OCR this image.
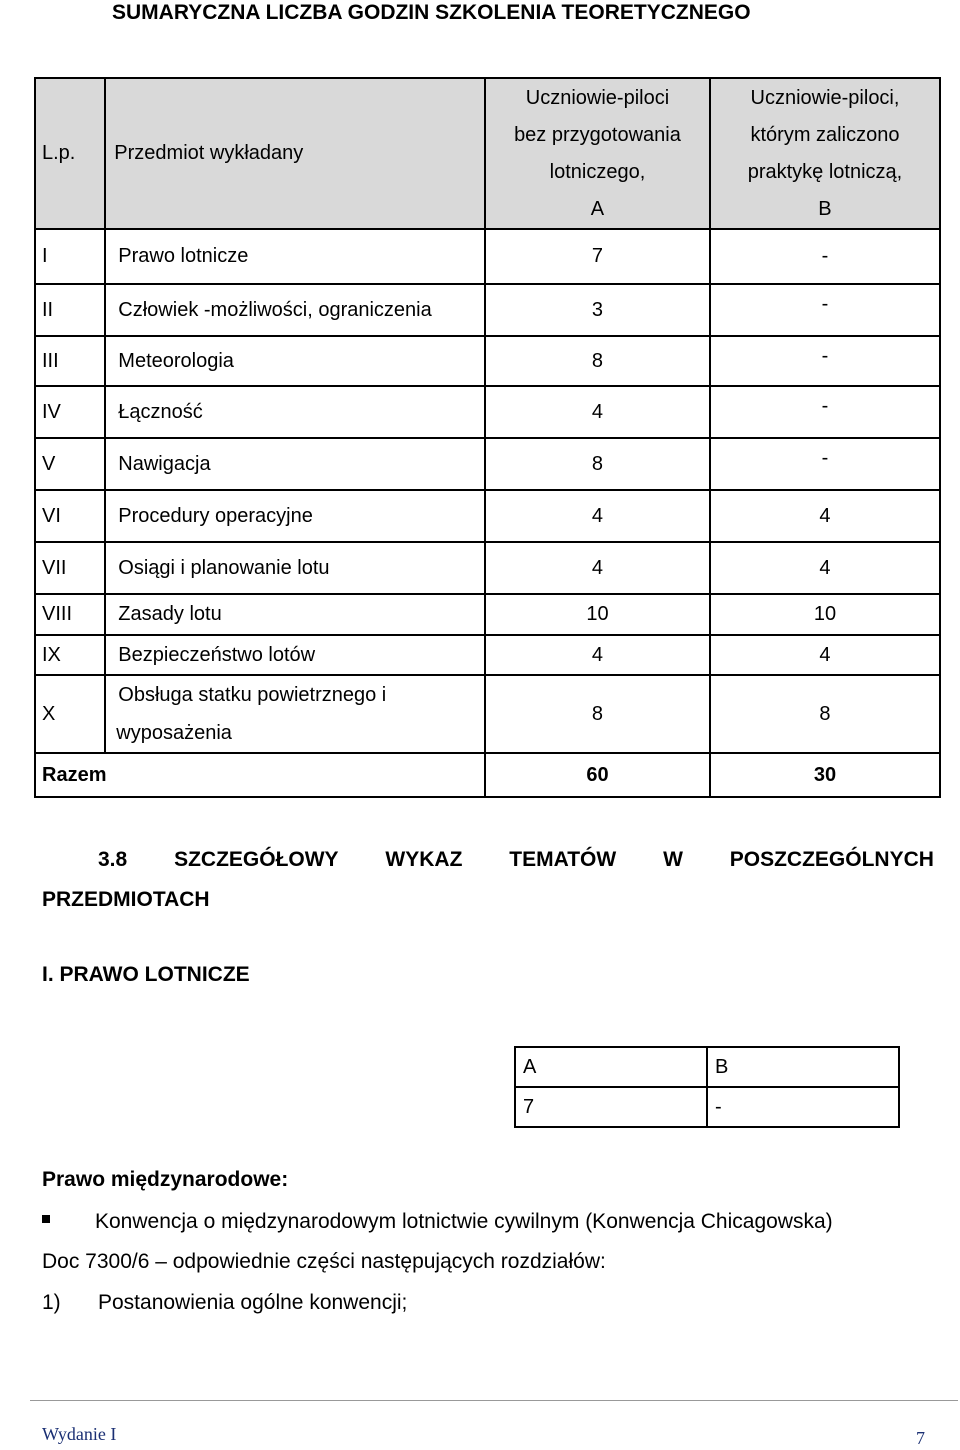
SUMARYCZNA LICZBA GODZIN SZKOLENIA TEORETYCZNEGO
L.p.	Przedmiot wykładany	Uczniowie-piloci
bez przygotowania
lotniczego,
A	Uczniowie-piloci,
którym zaliczono
praktykę lotniczą,
B

I	Prawo lotnicze	7	-
II	Człowiek -możliwości, ograniczenia	3	-
III	Meteorologia	8	-
IV	Łączność	4	-
V	Nawigacja	8	-
VI	Procedury operacyjne	4	4
VII	Osiągi i planowanie lotu	4	4
VIII	Zasady lotu	10	10
IX	Bezpieczeństwo lotów	4	4
X	Obsługa statku powietrznego i
wyposażenia	8	8
Razem		60	30
3.8 SZCZEGÓŁOWY WYKAZ TEMATÓW W POSZCZEGÓLNYCH
PRZEDMIOTACH
I. PRAWO LOTNICZE
A	B
7	-
Prawo międzynarodowe:
Konwencja o międzynarodowym lotnictwie cywilnym (Konwencja Chicagowska)
Doc 7300/6 – odpowiednie części następujących rozdziałów:
1) Postanowienia ogólne konwencji;
Wydanie I	7
